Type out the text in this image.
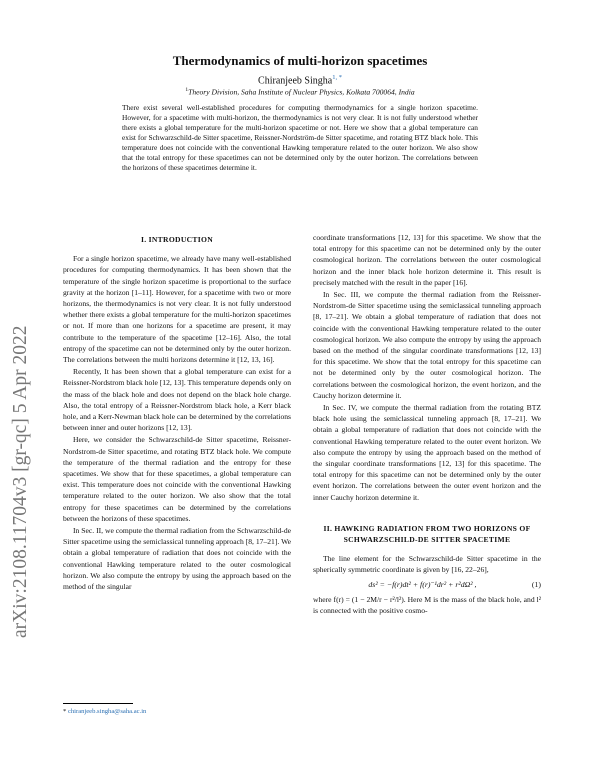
arXiv:2108.11704v3 [gr-qc] 5 Apr 2022
Thermodynamics of multi-horizon spacetimes
Chiranjeeb Singha$^{1, *}$
$^1$Theory Division, Saha Institute of Nuclear Physics, Kolkata 700064, India

There exist several well-established procedures for computing thermodynamics for a single horizon spacetime. However, for a spacetime with multi-horizon, the thermodynamics is not very clear. It is not fully understood whether there exists a global temperature for the multi-horizon spacetime or not. Here we show that a global temperature can exist for Schwarzschild-de Sitter spacetime, Reissner-Nordström-de Sitter spacetime, and rotating BTZ black hole. This temperature does not coincide with the conventional Hawking temperature related to the outer horizon. We also show that the total entropy for these spacetimes can not be determined only by the outer horizon. The correlations between the horizons of these spacetimes determine it.

I. INTRODUCTION

For a single horizon spacetime, we already have many well-established procedures for computing thermodynamics. It has been shown that the temperature of the single horizon spacetime is proportional to the surface gravity at the horizon [1–11]. However, for a spacetime with two or more horizons, the thermodynamics is not very clear. It is not fully understood whether there exists a global temperature for the multi-horizon spacetimes or not. If more than one horizons for a spacetime are present, it may contribute to the temperature of the spacetime [12–16]. Also, the total entropy of the spacetime can not be determined only by the outer horizon. The correlations between the multi horizons determine it [12, 13, 16].

Recently, It has been shown that a global temperature can exist for a Reissner-Nordstrom black hole [12, 13]. This temperature depends only on the mass of the black hole and does not depend on the black hole charge. Also, the total entropy of a Reissner-Nordstrom black hole, a Kerr black hole, and a Kerr-Newman black hole can be determined by the correlations between inner and outer horizons [12, 13].

Here, we consider the Schwarzschild-de Sitter spacetime, Reissner-Nordstrom-de Sitter spacetime, and rotating BTZ black hole. We compute the temperature of the thermal radiation and the entropy for these spacetimes. We show that for these spacetimes, a global temperature can exist. This temperature does not coincide with the conventional Hawking temperature related to the outer horizon. We also show that the total entropy for these spacetimes can be determined by the correlations between the horizons of these spacetimes.

In Sec. II, we compute the thermal radiation from the Schwarzschild-de Sitter spacetime using the semiclassical tunneling approach [8, 17–21]. We obtain a global temperature of radiation that does not coincide with the conventional Hawking temperature related to the outer cosmological horizon. We also compute the entropy by using the approach based on the method of the singular

coordinate transformations [12, 13] for this spacetime. We show that the total entropy for this spacetime can not be determined only by the outer cosmological horizon. The correlations between the outer cosmological horizon and the inner black hole horizon determine it. This result is precisely matched with the result in the paper [16].

In Sec. III, we compute the thermal radiation from the Reissner-Nordstrom-de Sitter spacetime using the semiclassical tunneling approach [8, 17–21]. We obtain a global temperature of radiation that does not coincide with the conventional Hawking temperature related to the outer cosmological horizon. We also compute the entropy by using the approach based on the method of the singular coordinate transformations [12, 13] for this spacetime. We show that the total entropy for this spacetime can not be determined only by the outer cosmological horizon. The correlations between the cosmological horizon, the event horizon, and the Cauchy horizon determine it.

In Sec. IV, we compute the thermal radiation from the rotating BTZ black hole using the semiclassical tunneling approach [8, 17–21]. We obtain a global temperature of radiation that does not coincide with the conventional Hawking temperature related to the outer event horizon. We also compute the entropy by using the approach based on the method of the singular coordinate transformations [12, 13] for this spacetime. The total entropy for this spacetime can not be determined only by the outer event horizon. The correlations between the outer event horizon and the inner Cauchy horizon determine it.

II. HAWKING RADIATION FROM TWO HORIZONS OF SCHWARZSCHILD-DE SITTER SPACETIME

The line element for the Schwarzschild-de Sitter spacetime in the spherically symmetric coordinate is given by [16, 22–26],

ds² = −f(r)dt² + f(r)⁻¹dr² + r²dΩ² ,	(1)

where f(r) = (1 − 2M/r − r²/l²). Here M is the mass of the black hole, and l² is connected with the positive cosmo-

* chiranjeeb.singha@saha.ac.in
